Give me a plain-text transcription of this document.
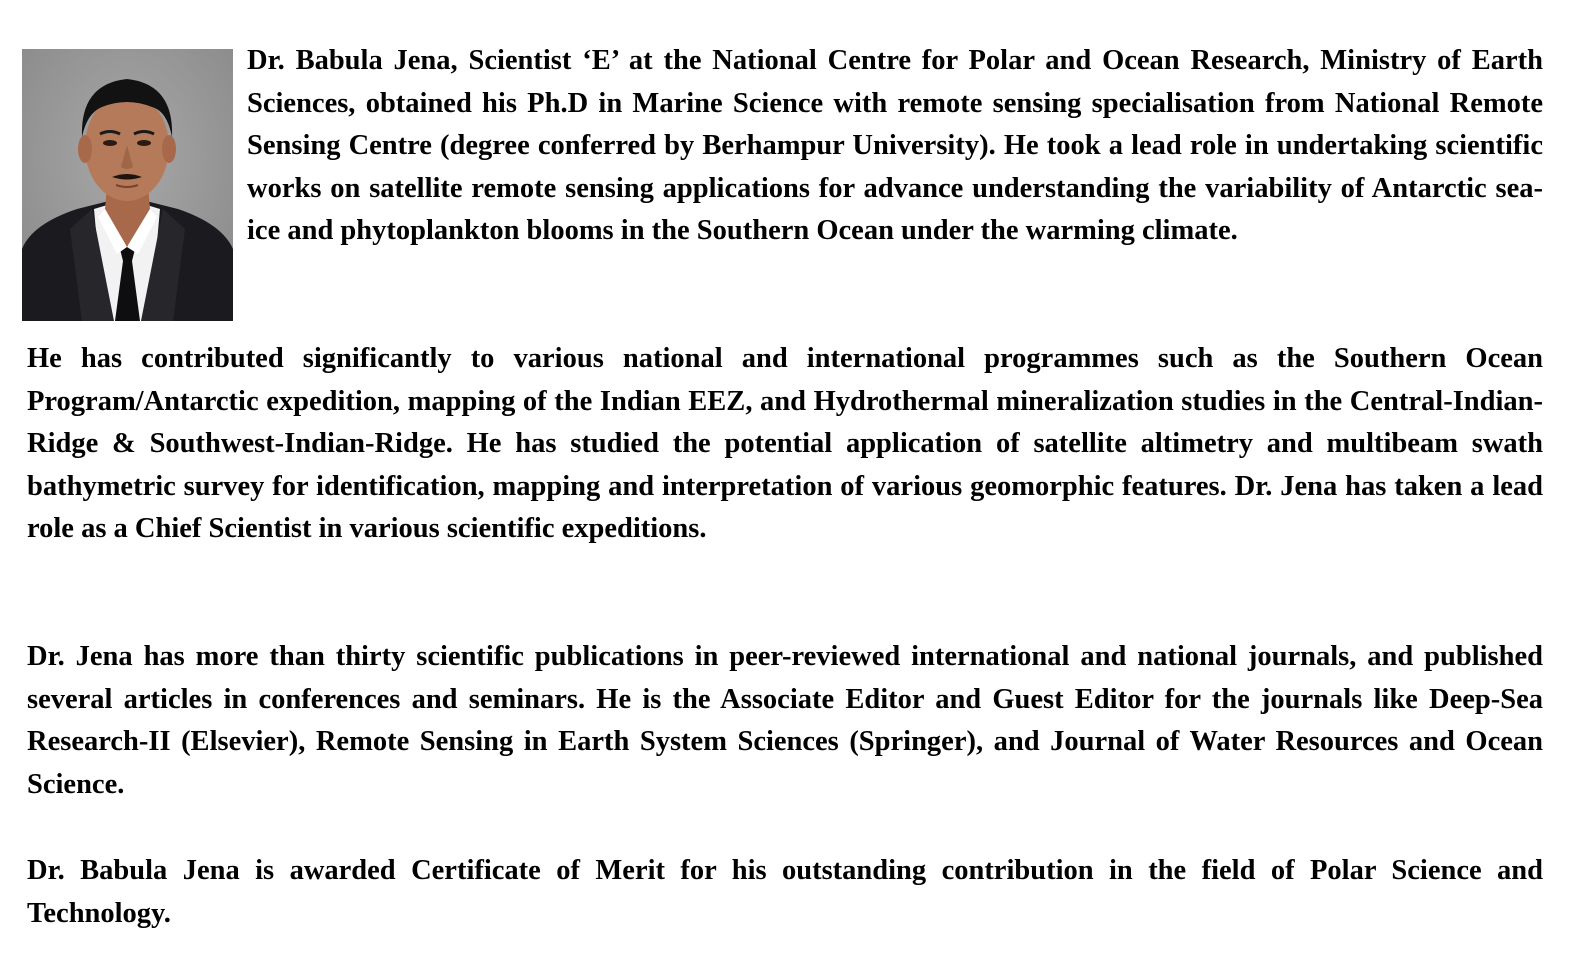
Dr. Babula Jena, Scientist ‘E’ at the National Centre for Polar and Ocean Research, Ministry of Earth Sciences, obtained his Ph.D in Marine Science with remote sensing specialisation from National Remote Sensing Centre (degree conferred by Berhampur University). He took a lead role in undertaking scientific works on satellite remote sensing applications for advance understanding the variability of Antarctic sea-ice and phytoplankton blooms in the Southern Ocean under the warming climate.

He has contributed significantly to various national and international programmes such as the Southern Ocean Program/Antarctic expedition, mapping of the Indian EEZ, and Hydrothermal mineralization studies in the Central-Indian-Ridge & Southwest-Indian-Ridge. He has studied the potential application of satellite altimetry and multibeam swath bathymetric survey for identification, mapping and interpretation of various geomorphic features. Dr. Jena has taken a lead role as a Chief Scientist in various scientific expeditions.

Dr. Jena has more than thirty scientific publications in peer-reviewed international and national journals, and published several articles in conferences and seminars. He is the Associate Editor and Guest Editor for the journals like Deep-Sea Research-II (Elsevier), Remote Sensing in Earth System Sciences (Springer), and Journal of Water Resources and Ocean Science.

Dr. Babula Jena is awarded Certificate of Merit for his outstanding contribution in the field of Polar Science and Technology.
